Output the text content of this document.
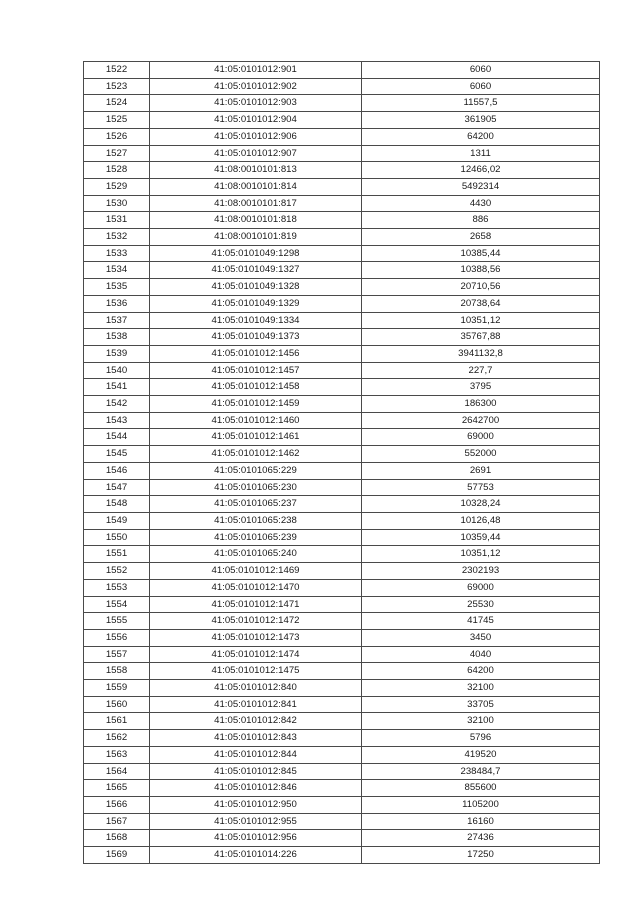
1522	41:05:0101012:901	6060
1523	41:05:0101012:902	6060
1524	41:05:0101012:903	11557,5
1525	41:05:0101012:904	361905
1526	41:05:0101012:906	64200
1527	41:05:0101012:907	1311
1528	41:08:0010101:813	12466,02
1529	41:08:0010101:814	5492314
1530	41:08:0010101:817	4430
1531	41:08:0010101:818	886
1532	41:08:0010101:819	2658
1533	41:05:0101049:1298	10385,44
1534	41:05:0101049:1327	10388,56
1535	41:05:0101049:1328	20710,56
1536	41:05:0101049:1329	20738,64
1537	41:05:0101049:1334	10351,12
1538	41:05:0101049:1373	35767,88
1539	41:05:0101012:1456	3941132,8
1540	41:05:0101012:1457	227,7
1541	41:05:0101012:1458	3795
1542	41:05:0101012:1459	186300
1543	41:05:0101012:1460	2642700
1544	41:05:0101012:1461	69000
1545	41:05:0101012:1462	552000
1546	41:05:0101065:229	2691
1547	41:05:0101065:230	57753
1548	41:05:0101065:237	10328,24
1549	41:05:0101065:238	10126,48
1550	41:05:0101065:239	10359,44
1551	41:05:0101065:240	10351,12
1552	41:05:0101012:1469	2302193
1553	41:05:0101012:1470	69000
1554	41:05:0101012:1471	25530
1555	41:05:0101012:1472	41745
1556	41:05:0101012:1473	3450
1557	41:05:0101012:1474	4040
1558	41:05:0101012:1475	64200
1559	41:05:0101012:840	32100
1560	41:05:0101012:841	33705
1561	41:05:0101012:842	32100
1562	41:05:0101012:843	5796
1563	41:05:0101012:844	419520
1564	41:05:0101012:845	238484,7
1565	41:05:0101012:846	855600
1566	41:05:0101012:950	1105200
1567	41:05:0101012:955	16160
1568	41:05:0101012:956	27436
1569	41:05:0101014:226	17250
